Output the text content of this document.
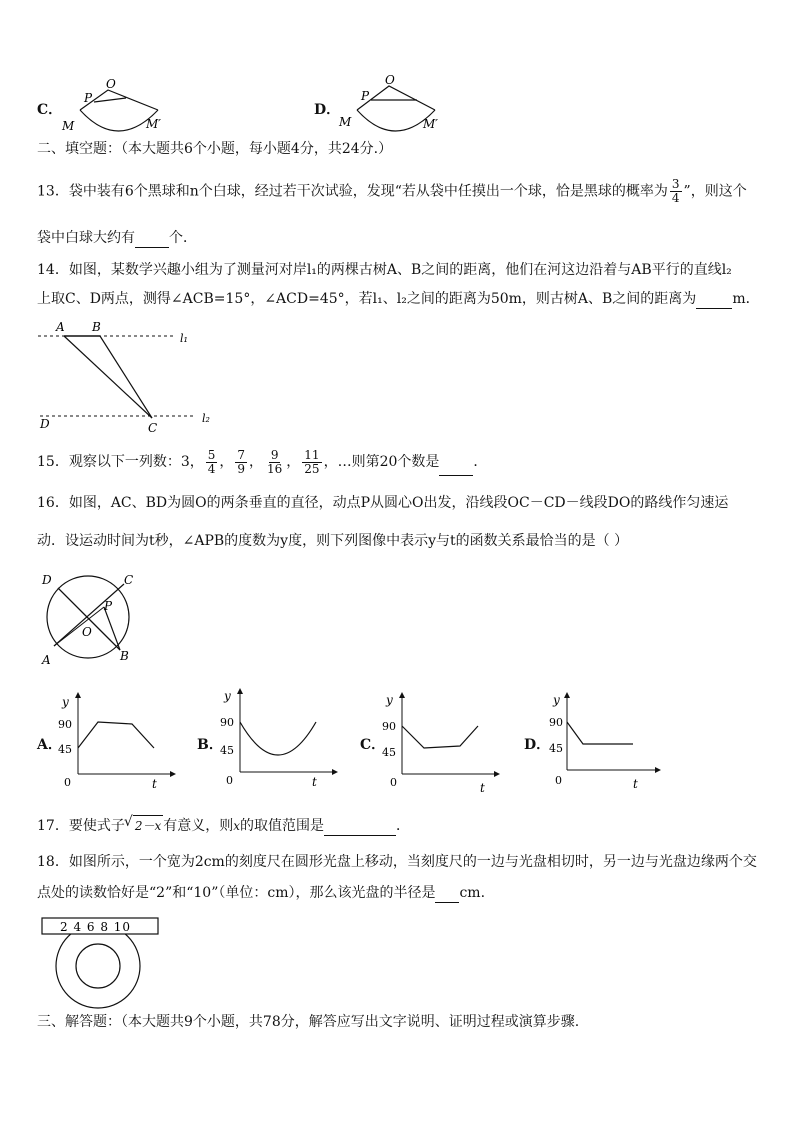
C．
O
P
M	M′
D．
O
P
M	M′
二、填空题：（本大题共6个小题，每小题4分，共24分.）
13．袋中装有6个黑球和n个白球，经过若干次试验，发现“若从袋中任摸出一个球，恰是黑球的概率为 $\frac{3}{4}$ ”，则这个
袋中白球大约有 个．
14．如图，某数学兴趣小组为了测量河对岸l₁的两棵古树A、B之间的距离，他们在河这边沿着与AB平行的直线l₂
上取C、D两点，测得∠ACB=15°，∠ACD=45°，若l₁、l₂之间的距离为50m，则古树A、B之间的距离为	m．
A B
l₁
D	C
l₂
15．观察以下一列数：3， $\frac{5}{4}$ ， $\frac{7}{9}$ ， $\frac{9}{16}$ ， $\frac{11}{25}$ ，…则第20个数是 ．
16．如图，AC、BD为圆O的两条垂直的直径，动点P从圆心O出发，沿线段OC－CD－线段DO的路线作匀速运
动．设运动时间为t秒，∠APB的度数为y度，则下列图像中表示y与t的函数关系最恰当的是（ ）
D	C
P
O
A	B
A．
y
90
45
0	t
B．
y
90
45
0	t
C．
y
90
45
0	t
D．
y
90
45
0	t
17．要使式子√ 2－x 有意义，则x的取值范围是	．
18．如图所示，一个宽为2cm的刻度尺在圆形光盘上移动，当刻度尺的一边与光盘相切时，另一边与光盘边缘两个交
点处的读数恰好是“2”和“10”（单位：cm），那么该光盘的半径是 cm.
2 4 6 8 10
三、解答题：（本大题共9个小题，共78分，解答应写出文字说明、证明过程或演算步骤.
